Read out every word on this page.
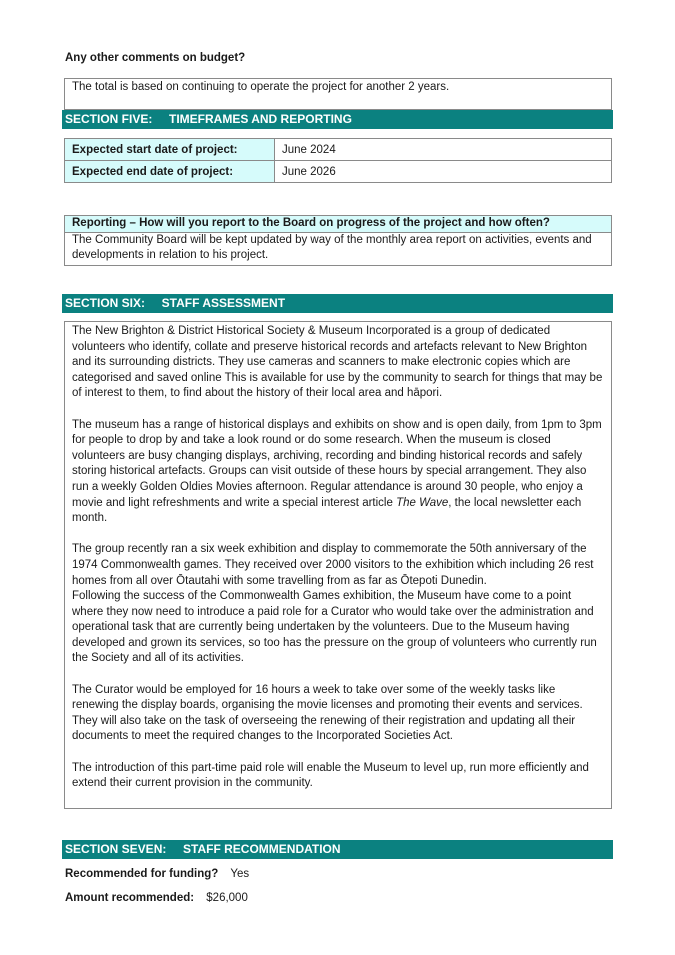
Any other comments on budget?
The total is based on continuing to operate the project for another 2 years.
SECTION FIVE:     TIMEFRAMES AND REPORTING
Expected start date of project:	June 2024
Expected end date of project:	June 2026
Reporting – How will you report to the Board on progress of the project and how often?
The Community Board will be kept updated by way of the monthly area report on activities, events and developments in relation to his project.
SECTION SIX:     STAFF ASSESSMENT

The New Brighton & District Historical Society & Museum Incorporated is a group of dedicated volunteers who identify, collate and preserve historical records and artefacts relevant to New Brighton and its surrounding districts. They use cameras and scanners to make electronic copies which are categorised and saved online This is available for use by the community to search for things that may be of interest to them, to find about the history of their local area and hāpori.

The museum has a range of historical displays and exhibits on show and is open daily, from 1pm to 3pm for people to drop by and take a look round or do some research. When the museum is closed volunteers are busy changing displays, archiving, recording and binding historical records and safely storing historical artefacts. Groups can visit outside of these hours by special arrangement. They also run a weekly Golden Oldies Movies afternoon. Regular attendance is around 30 people, who enjoy a movie and light refreshments and write a special interest article The Wave, the local newsletter each month.

The group recently ran a six week exhibition and display to commemorate the 50th anniversary of the 1974 Commonwealth games. They received over 2000 visitors to the exhibition which including 26 rest homes from all over Ōtautahi with some travelling from as far as Ōtepoti Dunedin.

Following the success of the Commonwealth Games exhibition, the Museum have come to a point where they now need to introduce a paid role for a Curator who would take over the administration and operational task that are currently being undertaken by the volunteers. Due to the Museum having developed and grown its services, so too has the pressure on the group of volunteers who currently run the Society and all of its activities.

The Curator would be employed for 16 hours a week to take over some of the weekly tasks like renewing the display boards, organising the movie licenses and promoting their events and services. They will also take on the task of overseeing the renewing of their registration and updating all their documents to meet the required changes to the Incorporated Societies Act.

The introduction of this part-time paid role will enable the Museum to level up, run more efficiently and extend their current provision in the community.

SECTION SEVEN:     STAFF RECOMMENDATION
Recommended for funding? Yes
Amount recommended: $26,000
